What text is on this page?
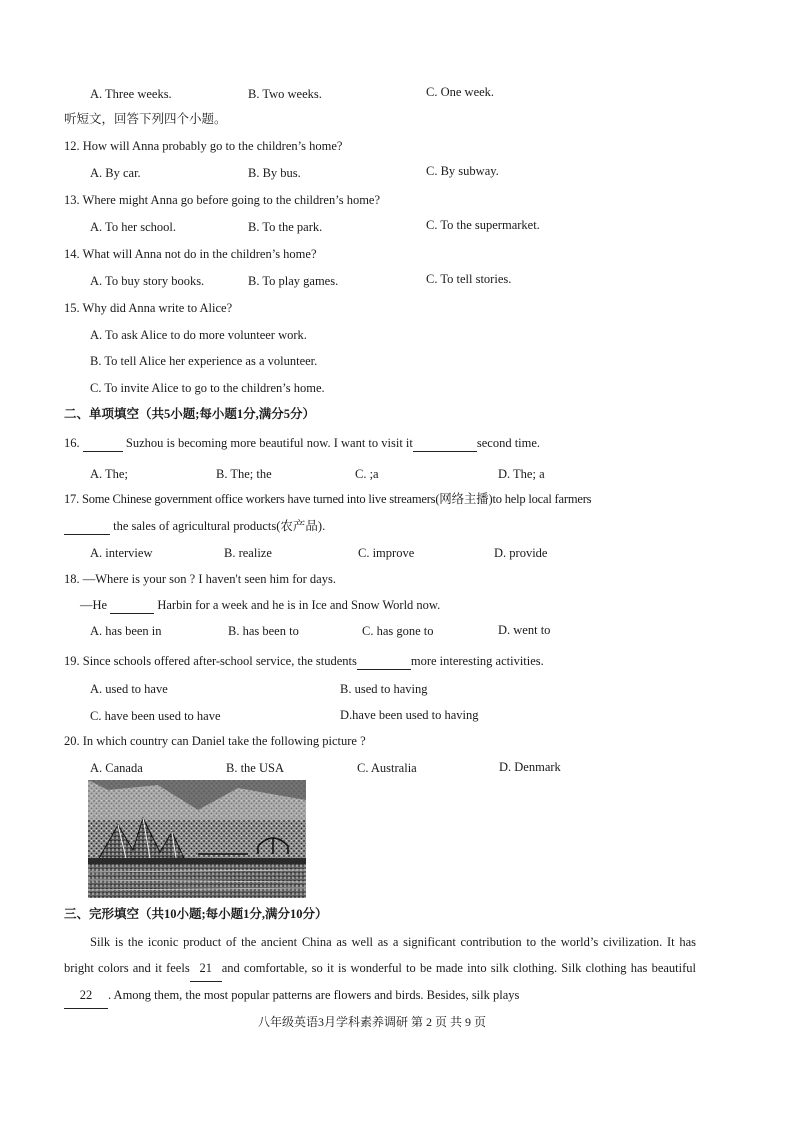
A. Three weeks.	B. Two weeks.	C. One week.
听短文，回答下列四个小题。
12. How will Anna probably go to the children’s home?
A. By car.	B. By bus.	C. By subway.
13. Where might Anna go before going to the children’s home?
A. To her school.	B. To the park.	C. To the supermarket.
14. What will Anna not do in the children’s home?
A. To buy story books.	B. To play games.	C. To tell stories.
15. Why did Anna write to Alice?
A. To ask Alice to do more volunteer work.
B. To tell Alice her experience as a volunteer.
C. To invite Alice to go to the children’s home.
二、单项填空（共5小题;每小题1分,满分5分）
16.	Suzhou is becoming more beautiful now. I want to visit it	second time.
A. The;	B. The; the	C. ;a	D. The; a
17. Some Chinese government office workers have turned into live streamers(网络主播)to help local farmers
the sales of agricultural products(农产品).
A. interview	B. realize	C. improve	D. provide
18. —Where is your son ? I haven't seen him for days.
—He	Harbin for a week and he is in Ice and Snow World now.
A. has been in	B. has been to	C. has gone to	D. went to
19. Since schools offered after-school service, the students	more interesting activities.
A. used to have	B. used to having
C. have been used to have	D.have been used to having
20. In which country can Daniel take the following picture ?
A. Canada	B. the USA	C. Australia	D. Denmark
三、完形填空（共10小题;每小题1分,满分10分）
Silk is the iconic product of the ancient China as well as a significant contribution to the world’s civilization. It has bright colors and it feels 21 and comfortable, so it is wonderful to be made into silk clothing. Silk clothing has beautiful22 . Among them, the most popular patterns are flowers and birds. Besides, silk plays
八年级英语3月学科素养调研 第 2 页 共 9 页
